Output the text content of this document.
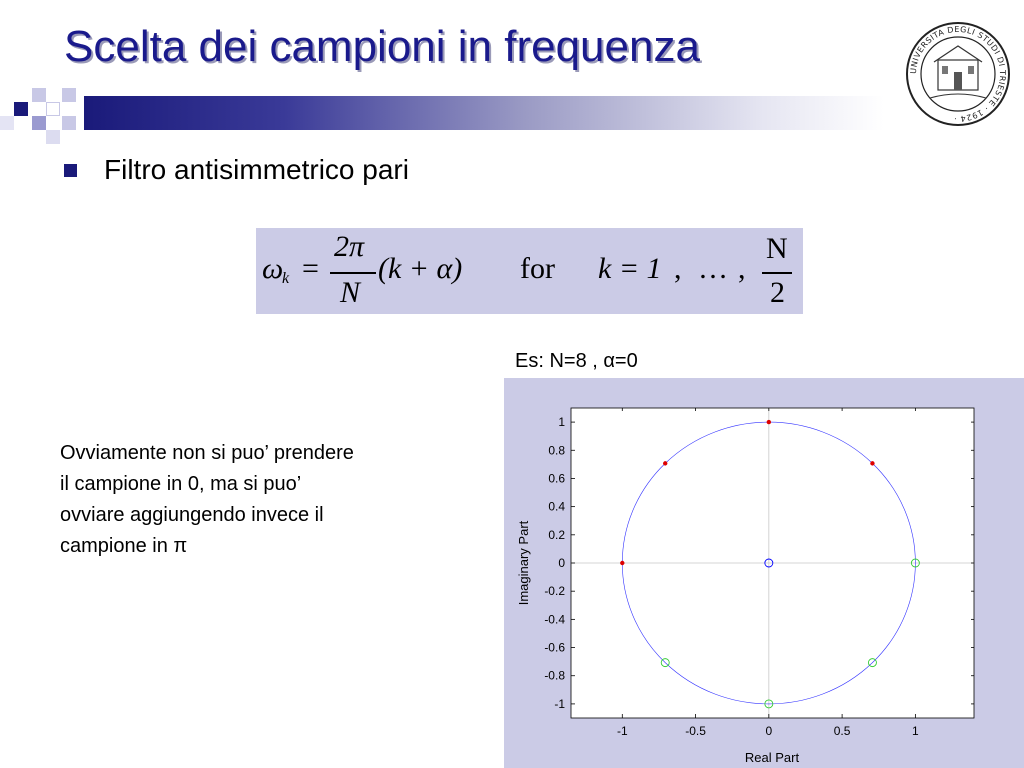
Scelta dei campioni in frequenza	UNIVERSITA DEGLI STUDI DI TRIESTE · 1924 ·
Filtro antisimmetrico pari
ω
k =
2π
N
(k + α) for k = 1 , … ,
N
2
Es: N=8 , α=0
Ovviamente non si puo’ prendere
il campione in 0, ma si puo’
ovviare aggiungendo invece il
campione in π
-1	-0.5	0	0.5	1
1
0.8
0.6
0.4
0.2
0
-0.2
-0.4
-0.6
-0.8
-1
Real Part
Imaginary Part
